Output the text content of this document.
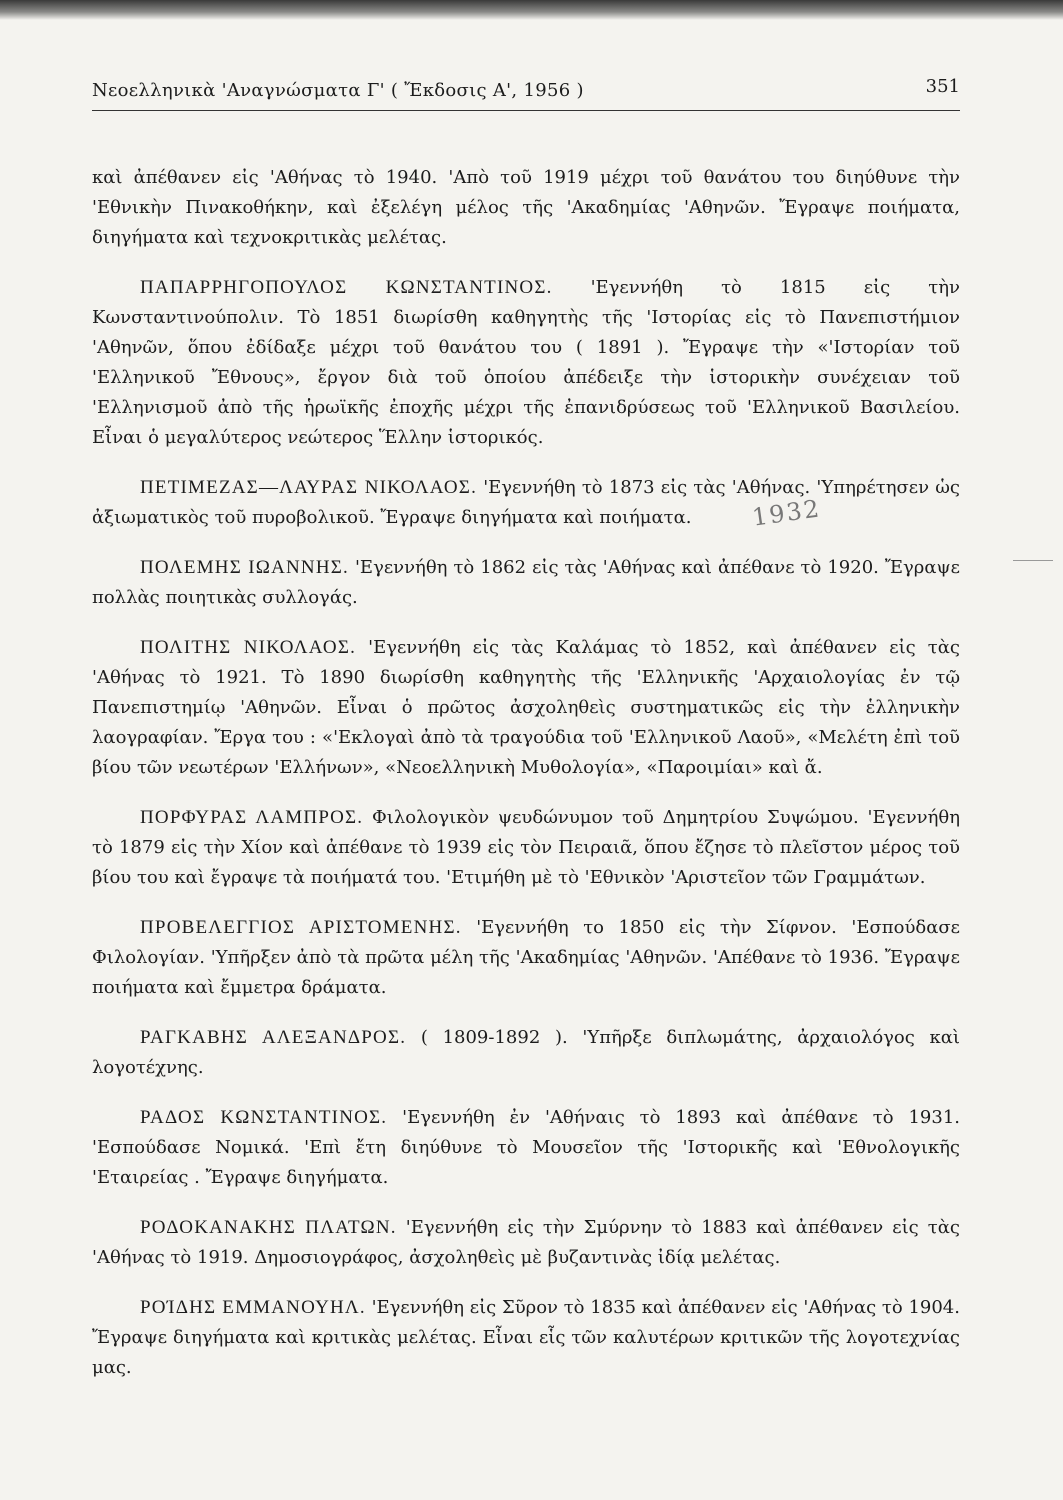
Νεοελληνικὰ 'Αναγνώσματα Γ' ( Ἔκδοσις Α', 1956 )	351

καὶ ἀπέθανεν εἰς 'Αθήνας τὸ 1940. 'Απὸ τοῦ 1919 μέχρι τοῦ θανάτου του διηύθυνε τὴν 'Εθνικὴν Πινακοθήκην, καὶ ἐξελέγη μέλος τῆς 'Ακαδημίας 'Αθηνῶν. Ἔγραψε ποιήματα, διηγήματα καὶ τεχνοκριτικὰς μελέτας.

ΠΑΠΑΡΡΗΓΟΠΟΥΛΟΣ ΚΩΝΣΤΑΝΤΙΝΟΣ. 'Εγεννήθη τὸ 1815 εἰς τὴν Κωνσταντινούπολιν. Τὸ 1851 διωρίσθη καθηγητὴς τῆς 'Ιστορίας εἰς τὸ Πανεπιστήμιον 'Αθηνῶν, ὅπου ἐδίδαξε μέχρι τοῦ θανάτου του ( 1891 ). Ἔγραψε τὴν «'Ιστορίαν τοῦ 'Ελληνικοῦ Ἔθνους», ἔργον διὰ τοῦ ὁποίου ἀπέδειξε τὴν ἱστορικὴν συνέχειαν τοῦ 'Ελληνισμοῦ ἀπὸ τῆς ἡρωϊκῆς ἐποχῆς μέχρι τῆς ἐπανιδρύσεως τοῦ 'Ελληνικοῦ Βασιλείου. Εἶναι ὁ μεγαλύτερος νεώτερος Ἕλλην ἱστορικός.

ΠΕΤΙΜΕΖΑΣ—ΛΑΥΡΑΣ ΝΙΚΟΛΑΟΣ. 'Εγεννήθη τὸ 1873 εἰς τὰς 'Αθήνας. 'Υπηρέτησεν ὡς ἀξιωματικὸς τοῦ πυροβολικοῦ. Ἔγραψε διηγήματα καὶ ποιήματα.

ΠΟΛΕΜΗΣ ΙΩΑΝΝΗΣ. 'Εγεννήθη τὸ 1862 εἰς τὰς 'Αθήνας καὶ ἀπέθανε τὸ 1920. Ἔγραψε πολλὰς ποιητικὰς συλλογάς.

ΠΟΛΙΤΗΣ ΝΙΚΟΛΑΟΣ. 'Εγεννήθη εἰς τὰς Καλάμας τὸ 1852, καὶ ἀπέθανεν εἰς τὰς 'Αθήνας τὸ 1921. Τὸ 1890 διωρίσθη καθηγητὴς τῆς 'Ελληνικῆς 'Αρχαιολογίας ἐν τῷ Πανεπιστημίῳ 'Αθηνῶν. Εἶναι ὁ πρῶτος ἀσχοληθεὶς συστηματικῶς εἰς τὴν ἑλληνικὴν λαογραφίαν. Ἔργα του : «'Εκλογαὶ ἀπὸ τὰ τραγούδια τοῦ 'Ελληνικοῦ Λαοῦ», «Μελέτη ἐπὶ τοῦ βίου τῶν νεωτέρων 'Ελλήνων», «Νεοελληνικὴ Μυθολογία», «Παροιμίαι» καὶ ἄ.

ΠΟΡΦΥΡΑΣ ΛΑΜΠΡΟΣ. Φιλολογικὸν ψευδώνυμον τοῦ Δημητρίου Συψώμου. 'Εγεννήθη τὸ 1879 εἰς τὴν Χίον καὶ ἀπέθανε τὸ 1939 εἰς τὸν Πειραιᾶ, ὅπου ἔζησε τὸ πλεῖστον μέρος τοῦ βίου του καὶ ἔγραψε τὰ ποιήματά του. 'Ετιμήθη μὲ τὸ 'Εθνικὸν 'Αριστεῖον τῶν Γραμμάτων.

ΠΡΟΒΕΛΕΓΓΙΟΣ ΑΡΙΣΤΟΜΕΝΗΣ. 'Εγεννήθη το 1850 εἰς τὴν Σίφνον. 'Εσπούδασε Φιλολογίαν. 'Υπῆρξεν ἀπὸ τὰ πρῶτα μέλη τῆς 'Ακαδημίας 'Αθηνῶν. 'Απέθανε τὸ 1936. Ἔγραψε ποιήματα καὶ ἔμμετρα δράματα.

ΡΑΓΚΑΒΗΣ ΑΛΕΞΑΝΔΡΟΣ. ( 1809-1892 ). 'Υπῆρξε διπλωμάτης, ἀρχαιολόγος καὶ λογοτέχνης.

ΡΑΔΟΣ ΚΩΝΣΤΑΝΤΙΝΟΣ. 'Εγεννήθη ἐν 'Αθήναις τὸ 1893 καὶ ἀπέθανε τὸ 1931. 'Εσπούδασε Νομικά. 'Επὶ ἔτη διηύθυνε τὸ Μουσεῖον τῆς 'Ιστορικῆς καὶ 'Εθνολογικῆς 'Εταιρείας . Ἔγραψε διηγήματα.

ΡΟΔΟΚΑΝΑΚΗΣ ΠΛΑΤΩΝ. 'Εγεννήθη εἰς τὴν Σμύρνην τὸ 1883 καὶ ἀπέθανεν εἰς τὰς 'Αθήνας τὸ 1919. Δημοσιογράφος, ἀσχοληθεὶς μὲ βυζαντινὰς ἰδίᾳ μελέτας.

ΡΟΊΔΗΣ ΕΜΜΑΝΟΥΗΛ. 'Εγεννήθη εἰς Σῦρον τὸ 1835 καὶ ἀπέθανεν εἰς 'Αθήνας τὸ 1904. Ἔγραψε διηγήματα καὶ κριτικὰς μελέτας. Εἶναι εἷς τῶν καλυτέρων κριτικῶν τῆς λογοτεχνίας μας.

1932
